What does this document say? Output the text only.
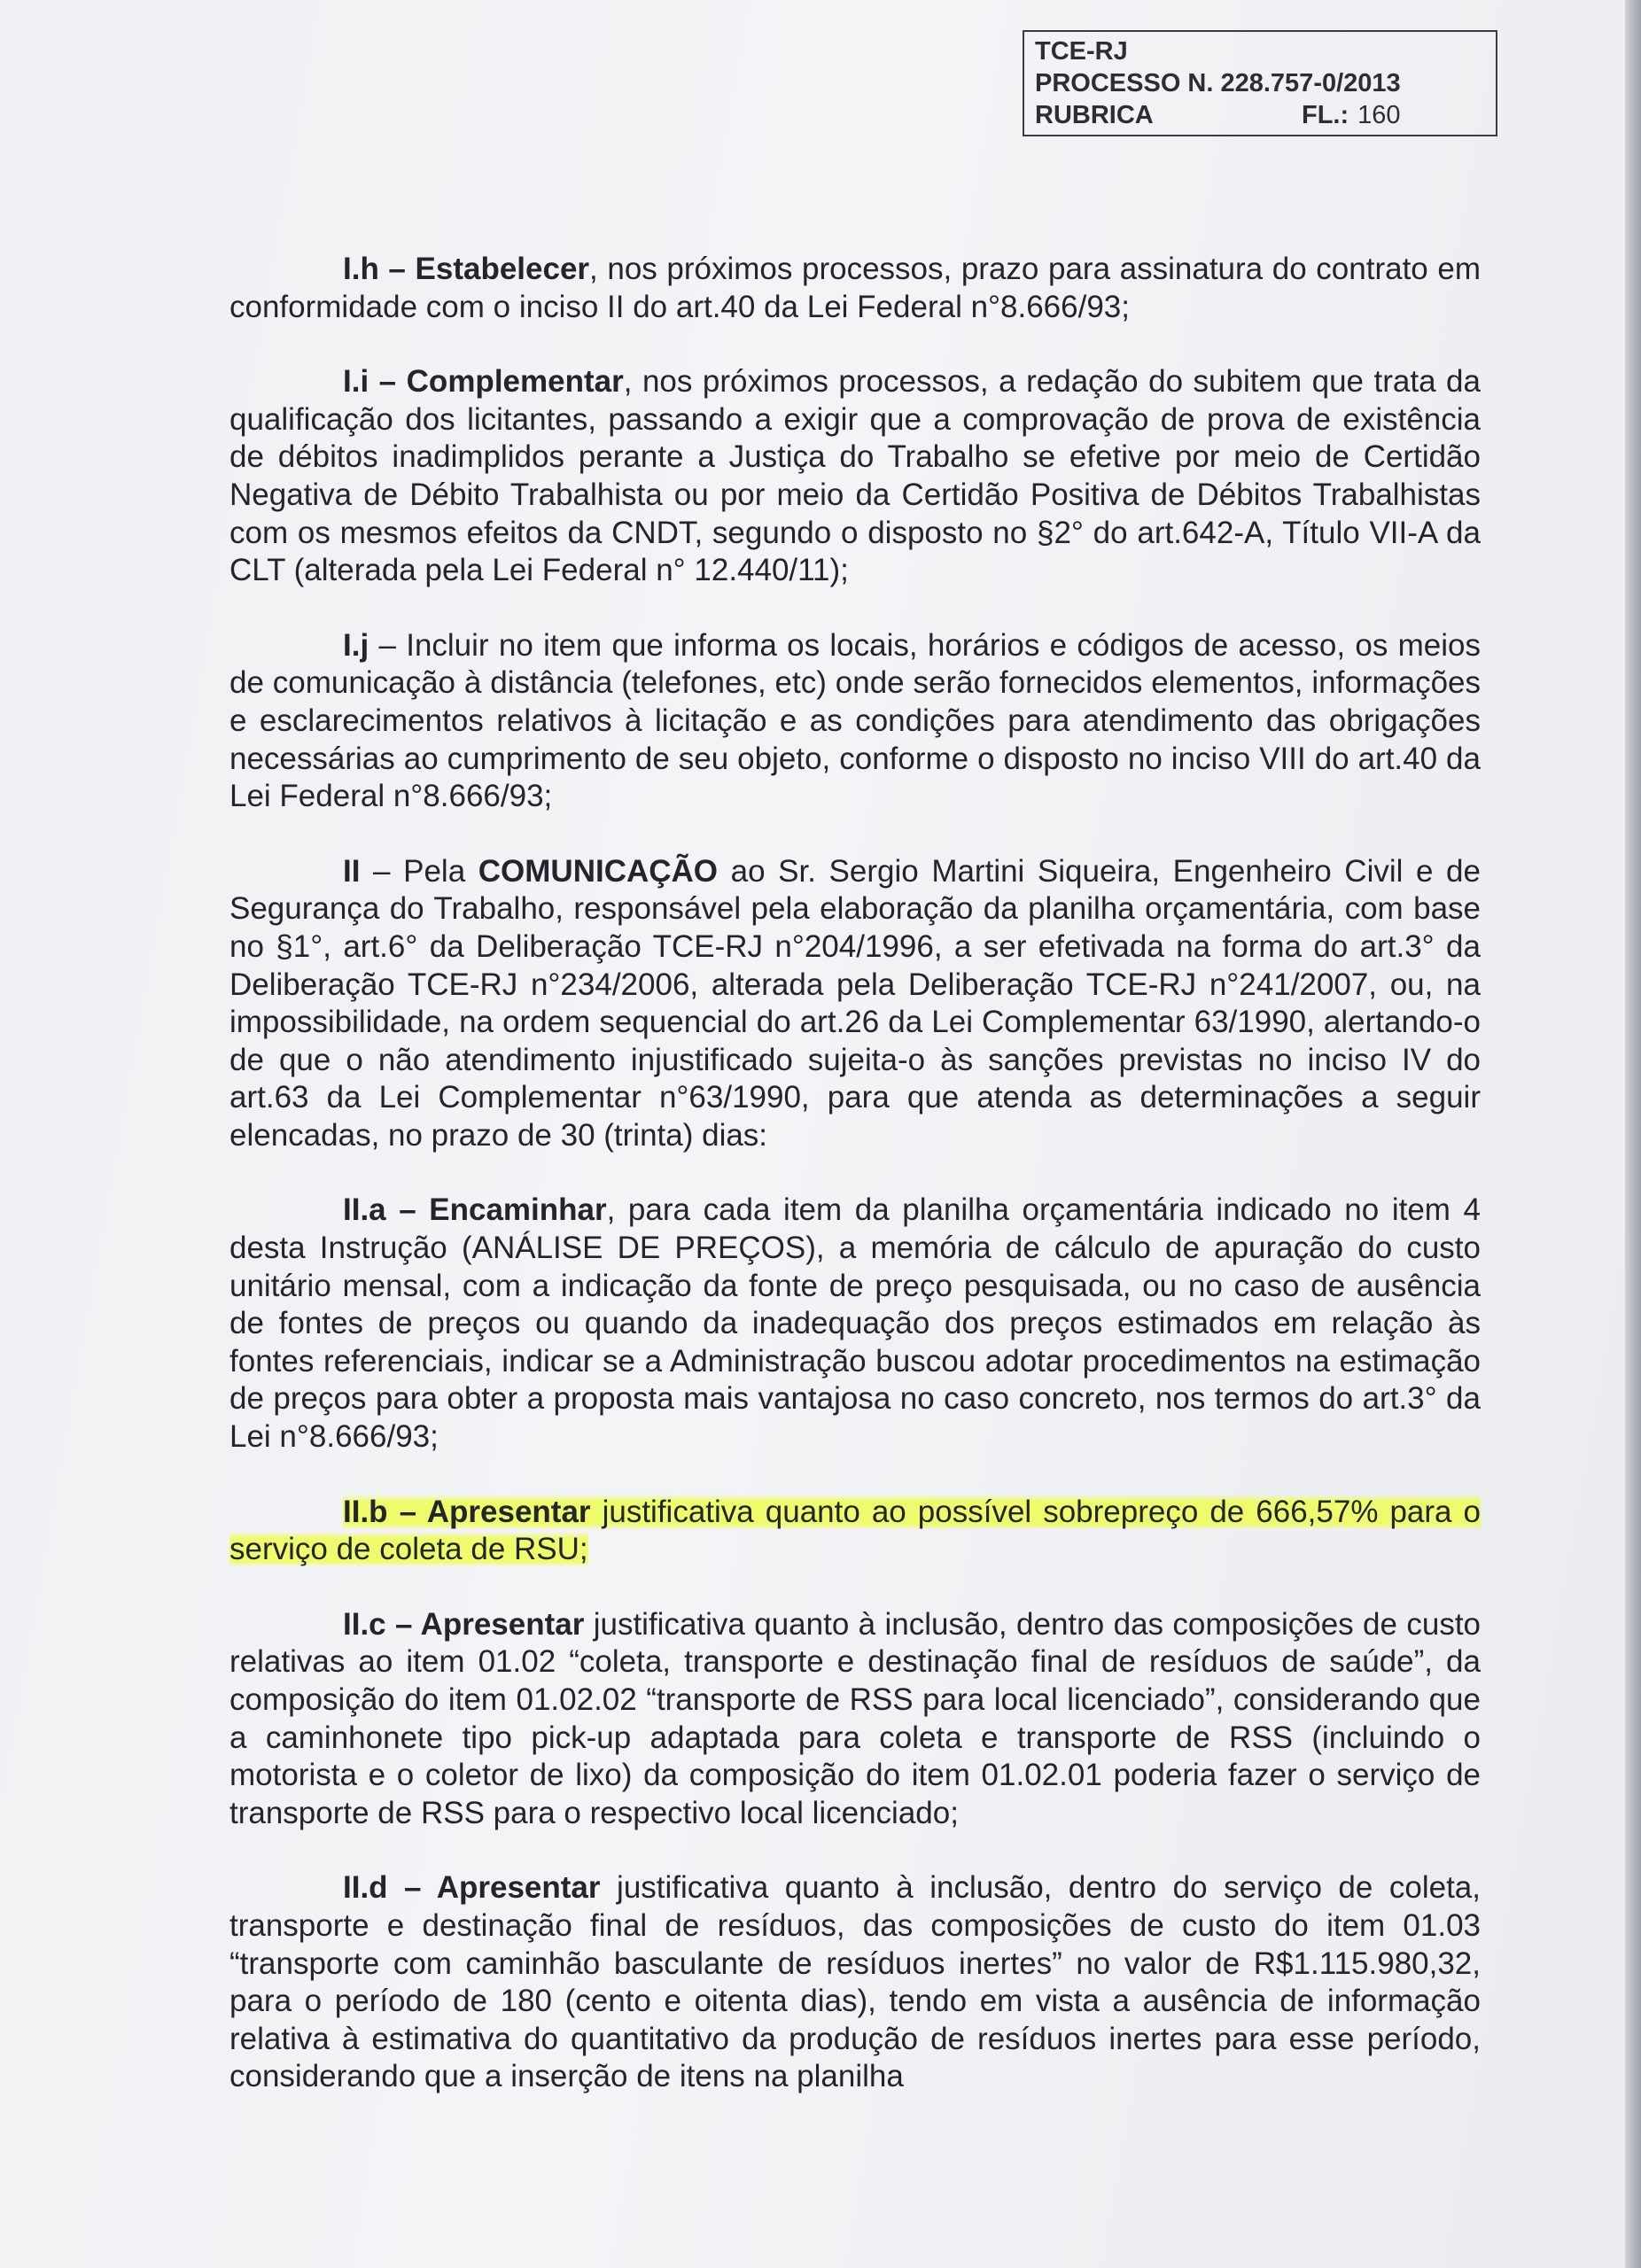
TCE-RJ
PROCESSO N. 228.757-0/2013
RUBRICA	FL.: 160

I.h – Estabelecer, nos próximos processos, prazo para assinatura do contrato em conformidade com o inciso II do art.40 da Lei Federal n°8.666/93;

I.i – Complementar, nos próximos processos, a redação do subitem que trata da qualificação dos licitantes, passando a exigir que a comprovação de prova de existência de débitos inadimplidos perante a Justiça do Trabalho se efetive por meio de Certidão Negativa de Débito Trabalhista ou por meio da Certidão Positiva de Débitos Trabalhistas com os mesmos efeitos da CNDT, segundo o disposto no §2° do art.642-A, Título VII-A da CLT (alterada pela Lei Federal n° 12.440/11);

I.j – Incluir no item que informa os locais, horários e códigos de acesso, os meios de comunicação à distância (telefones, etc) onde serão fornecidos elementos, informações e esclarecimentos relativos à licitação e as condições para atendimento das obrigações necessárias ao cumprimento de seu objeto, conforme o disposto no inciso VIII do art.40 da Lei Federal n°8.666/93;

II – Pela COMUNICAÇÃO ao Sr. Sergio Martini Siqueira, Engenheiro Civil e de Segurança do Trabalho, responsável pela elaboração da planilha orçamentária, com base no §1°, art.6° da Deliberação TCE-RJ n°204/1996, a ser efetivada na forma do art.3° da Deliberação TCE-RJ n°234/2006, alterada pela Deliberação TCE-RJ n°241/2007, ou, na impossibilidade, na ordem sequencial do art.26 da Lei Complementar 63/1990, alertando-o de que o não atendimento injustificado sujeita-o às sanções previstas no inciso IV do art.63 da Lei Complementar n°63/1990, para que atenda as determinações a seguir elencadas, no prazo de 30 (trinta) dias:

II.a – Encaminhar, para cada item da planilha orçamentária indicado no item 4 desta Instrução (ANÁLISE DE PREÇOS), a memória de cálculo de apuração do custo unitário mensal, com a indicação da fonte de preço pesquisada, ou no caso de ausência de fontes de preços ou quando da inadequação dos preços estimados em relação às fontes referenciais, indicar se a Administração buscou adotar procedimentos na estimação de preços para obter a proposta mais vantajosa no caso concreto, nos termos do art.3° da Lei n°8.666/93;

II.b – Apresentar justificativa quanto ao possível sobrepreço de 666,57% para o serviço de coleta de RSU;

II.c – Apresentar justificativa quanto à inclusão, dentro das composições de custo relativas ao item 01.02 “coleta, transporte e destinação final de resíduos de saúde”, da composição do item 01.02.02 “transporte de RSS para local licenciado”, considerando que a caminhonete tipo pick-up adaptada para coleta e transporte de RSS (incluindo o motorista e o coletor de lixo) da composição do item 01.02.01 poderia fazer o serviço de transporte de RSS para o respectivo local licenciado;

II.d – Apresentar justificativa quanto à inclusão, dentro do serviço de coleta, transporte e destinação final de resíduos, das composições de custo do item 01.03 “transporte com caminhão basculante de resíduos inertes” no valor de R$1.115.980,32, para o período de 180 (cento e oitenta dias), tendo em vista a ausência de informação relativa à estimativa do quantitativo da produção de resíduos inertes para esse período, considerando que a inserção de itens na planilha
